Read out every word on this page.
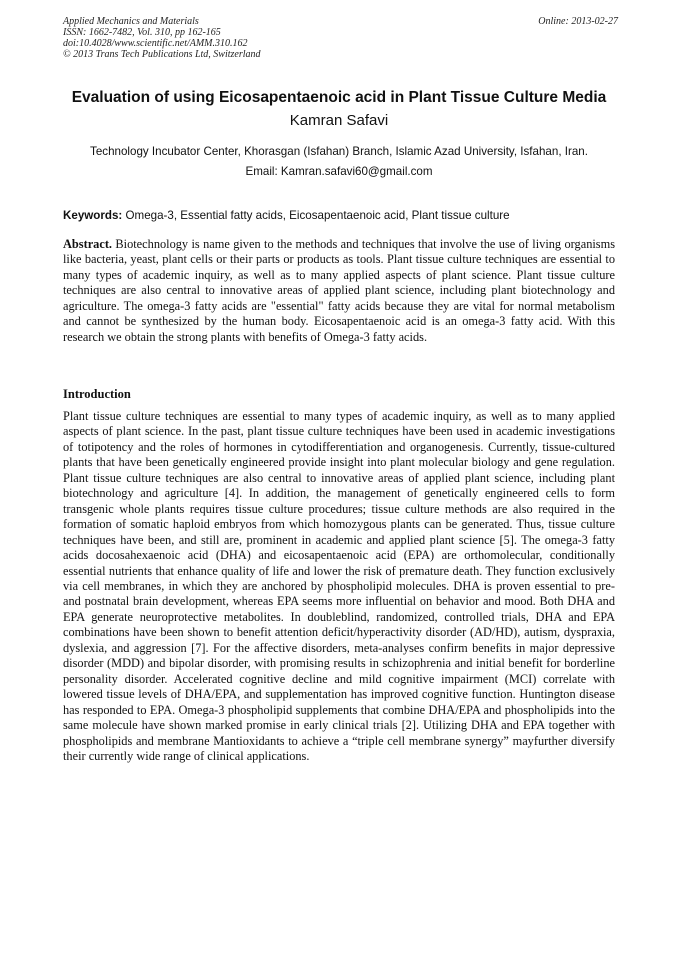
Applied Mechanics and Materials
ISSN: 1662-7482, Vol. 310, pp 162-165
doi:10.4028/www.scientific.net/AMM.310.162
© 2013 Trans Tech Publications Ltd, Switzerland
Online: 2013-02-27
Evaluation of using Eicosapentaenoic acid in Plant Tissue Culture Media
Kamran Safavi
Technology Incubator Center, Khorasgan (Isfahan) Branch, Islamic Azad University, Isfahan, Iran.
Email: Kamran.safavi60@gmail.com
Keywords: Omega-3, Essential fatty acids, Eicosapentaenoic acid, Plant tissue culture
Abstract. Biotechnology is name given to the methods and techniques that involve the use of living organisms like bacteria, yeast, plant cells or their parts or products as tools. Plant tissue culture techniques are essential to many types of academic inquiry, as well as to many applied aspects of plant science. Plant tissue culture techniques are also central to innovative areas of applied plant science, including plant biotechnology and agriculture. The omega-3 fatty acids are "essential" fatty acids because they are vital for normal metabolism and cannot be synthesized by the human body. Eicosapentaenoic acid is an omega-3 fatty acid. With this research we obtain the strong plants with benefits of Omega-3 fatty acids.
Introduction
Plant tissue culture techniques are essential to many types of academic inquiry, as well as to many applied aspects of plant science. In the past, plant tissue culture techniques have been used in academic investigations of totipotency and the roles of hormones in cytodifferentiation and organogenesis. Currently, tissue-cultured plants that have been genetically engineered provide insight into plant molecular biology and gene regulation. Plant tissue culture techniques are also central to innovative areas of applied plant science, including plant biotechnology and agriculture [4]. In addition, the management of genetically engineered cells to form transgenic whole plants requires tissue culture procedures; tissue culture methods are also required in the formation of somatic haploid embryos from which homozygous plants can be generated. Thus, tissue culture techniques have been, and still are, prominent in academic and applied plant science [5]. The omega-3 fatty acids docosahexaenoic acid (DHA) and eicosapentaenoic acid (EPA) are orthomolecular, conditionally essential nutrients that enhance quality of life and lower the risk of premature death. They function exclusively via cell membranes, in which they are anchored by phospholipid molecules. DHA is proven essential to pre- and postnatal brain development, whereas EPA seems more influential on behavior and mood. Both DHA and EPA generate neuroprotective metabolites. In doubleblind, randomized, controlled trials, DHA and EPA combinations have been shown to benefit attention deficit/hyperactivity disorder (AD/HD), autism, dyspraxia, dyslexia, and aggression [7]. For the affective disorders, meta-analyses confirm benefits in major depressive disorder (MDD) and bipolar disorder, with promising results in schizophrenia and initial benefit for borderline personality disorder. Accelerated cognitive decline and mild cognitive impairment (MCI) correlate with lowered tissue levels of DHA/EPA, and supplementation has improved cognitive function. Huntington disease has responded to EPA. Omega-3 phospholipid supplements that combine DHA/EPA and phospholipids into the same molecule have shown marked promise in early clinical trials [2]. Utilizing DHA and EPA together with phospholipids and membrane Mantioxidants to achieve a “triple cell membrane synergy” mayfurther diversify their currently wide range of clinical applications.
